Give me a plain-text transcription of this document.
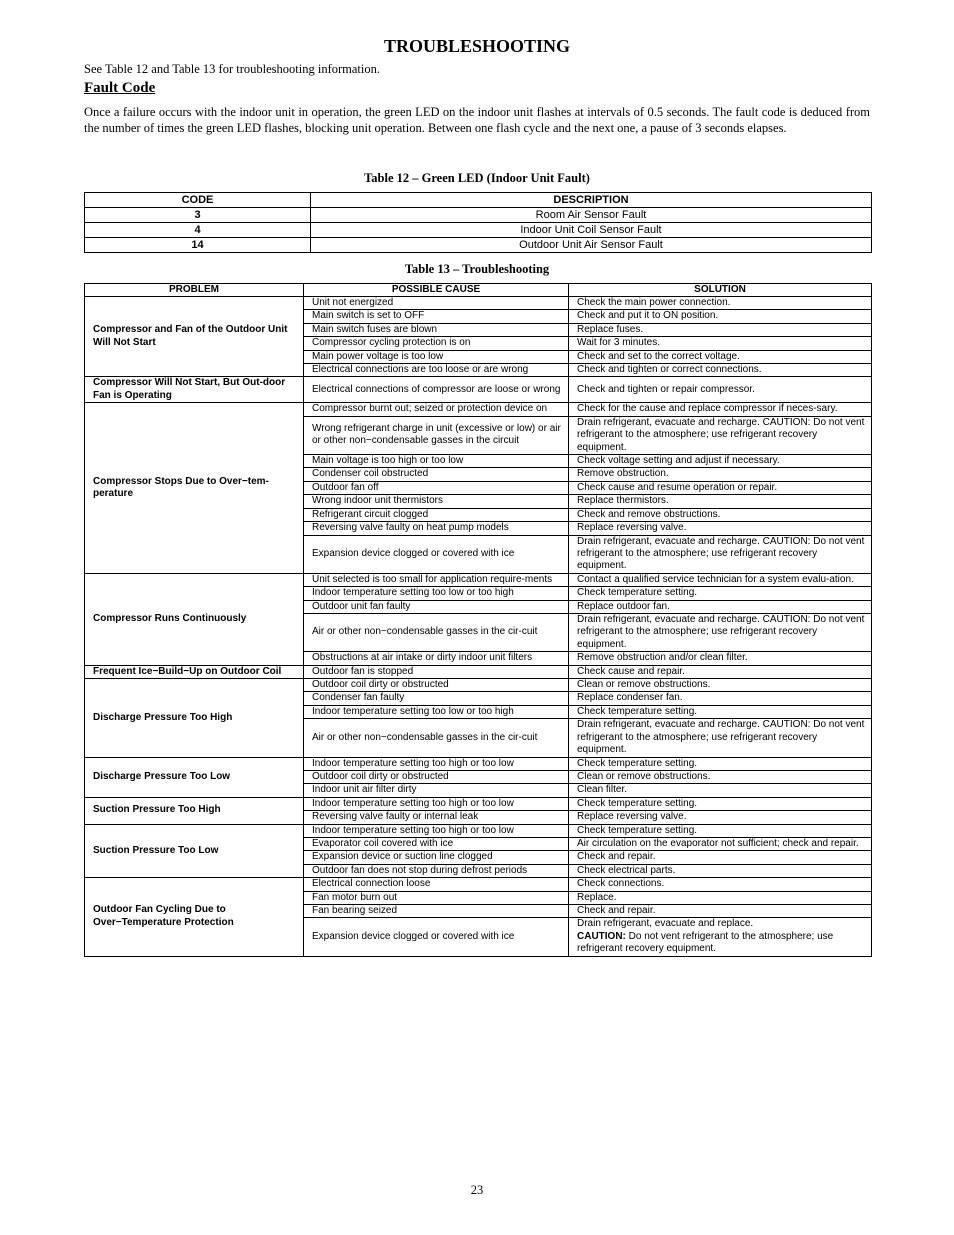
TROUBLESHOOTING
See Table 12 and Table 13 for troubleshooting information.
Fault Code
Once a failure occurs with the indoor unit in operation, the green LED on the indoor unit flashes at intervals of 0.5 seconds. The fault code is deduced from the number of times the green LED flashes, blocking unit operation. Between one flash cycle and the next one, a pause of 3 seconds elapses.
Table 12 – Green LED (Indoor Unit Fault)
CODE	DESCRIPTION
3	Room Air Sensor Fault
4	Indoor Unit Coil Sensor Fault
14	Outdoor Unit Air Sensor Fault
Table 13 – Troubleshooting
PROBLEM	POSSIBLE CAUSE	SOLUTION
Compressor and Fan of the Outdoor Unit Will Not Start	Unit not energized	Check the main power connection.
	Main switch is set to OFF	Check and put it to ON position.
	Main switch fuses are blown	Replace fuses.
	Compressor cycling protection is on	Wait for 3 minutes.
	Main power voltage is too low	Check and set to the correct voltage.
	Electrical connections are too loose or are wrong	Check and tighten or correct connections.
Compressor Will Not Start, But Out-door Fan is Operating	Electrical connections of compressor are loose or wrong	Check and tighten or repair compressor.
Compressor Stops Due to Over−tem-perature	Compressor burnt out; seized or protection device on	Check for the cause and replace compressor if neces-sary.
	Wrong refrigerant charge in unit (excessive or low) or air or other non−condensable gasses in the circuit	Drain refrigerant, evacuate and recharge. CAUTION: Do not vent refrigerant to the atmosphere; use refrigerant recovery equipment.
	Main voltage is too high or too low	Check voltage setting and adjust if necessary.
	Condenser coil obstructed	Remove obstruction.
	Outdoor fan off	Check cause and resume operation or repair.
	Wrong indoor unit thermistors	Replace thermistors.
	Refrigerant circuit clogged	Check and remove obstructions.
	Reversing valve faulty on heat pump models	Replace reversing valve.
	Expansion device clogged or covered with ice	Drain refrigerant, evacuate and recharge. CAUTION: Do not vent refrigerant to the atmosphere; use refrigerant recovery equipment.
Compressor Runs Continuously	Unit selected is too small for application require-ments	Contact a qualified service technician for a system evalu-ation.
	Indoor temperature setting too low or too high	Check temperature setting.
	Outdoor unit fan faulty	Replace outdoor fan.
	Air or other non−condensable gasses in the cir-cuit	Drain refrigerant, evacuate and recharge. CAUTION: Do not vent refrigerant to the atmosphere; use refrigerant recovery equipment.
	Obstructions at air intake or dirty indoor unit filters	Remove obstruction and/or clean filter.
Frequent Ice−Build−Up on Outdoor Coil	Outdoor fan is stopped	Check cause and repair.
Discharge Pressure Too High	Outdoor coil dirty or obstructed	Clean or remove obstructions.
	Condenser fan faulty	Replace condenser fan.
	Indoor temperature setting too low or too high	Check temperature setting.
	Air or other non−condensable gasses in the cir-cuit	Drain refrigerant, evacuate and recharge. CAUTION: Do not vent refrigerant to the atmosphere; use refrigerant recovery equipment.
Discharge Pressure Too Low	Indoor temperature setting too high or too low	Check temperature setting.
	Outdoor coil dirty or obstructed	Clean or remove obstructions.
	Indoor unit air filter dirty	Clean filter.
Suction Pressure Too High	Indoor temperature setting too high or too low	Check temperature setting.
	Reversing valve faulty or internal leak	Replace reversing valve.
Suction Pressure Too Low	Indoor temperature setting too high or too low	Check temperature setting.
	Evaporator coil covered with ice	Air circulation on the evaporator not sufficient; check and repair.
	Expansion device or suction line clogged	Check and repair.
	Outdoor fan does not stop during defrost periods	Check electrical parts.
Outdoor Fan Cycling Due to Over−Temperature Protection	Electrical connection loose	Check connections.
	Fan motor burn out	Replace.
	Fan bearing seized	Check and repair.
	Expansion device clogged or covered with ice	Drain refrigerant, evacuate and replace.
CAUTION: Do not vent refrigerant to the atmosphere; use refrigerant recovery equipment.
23
